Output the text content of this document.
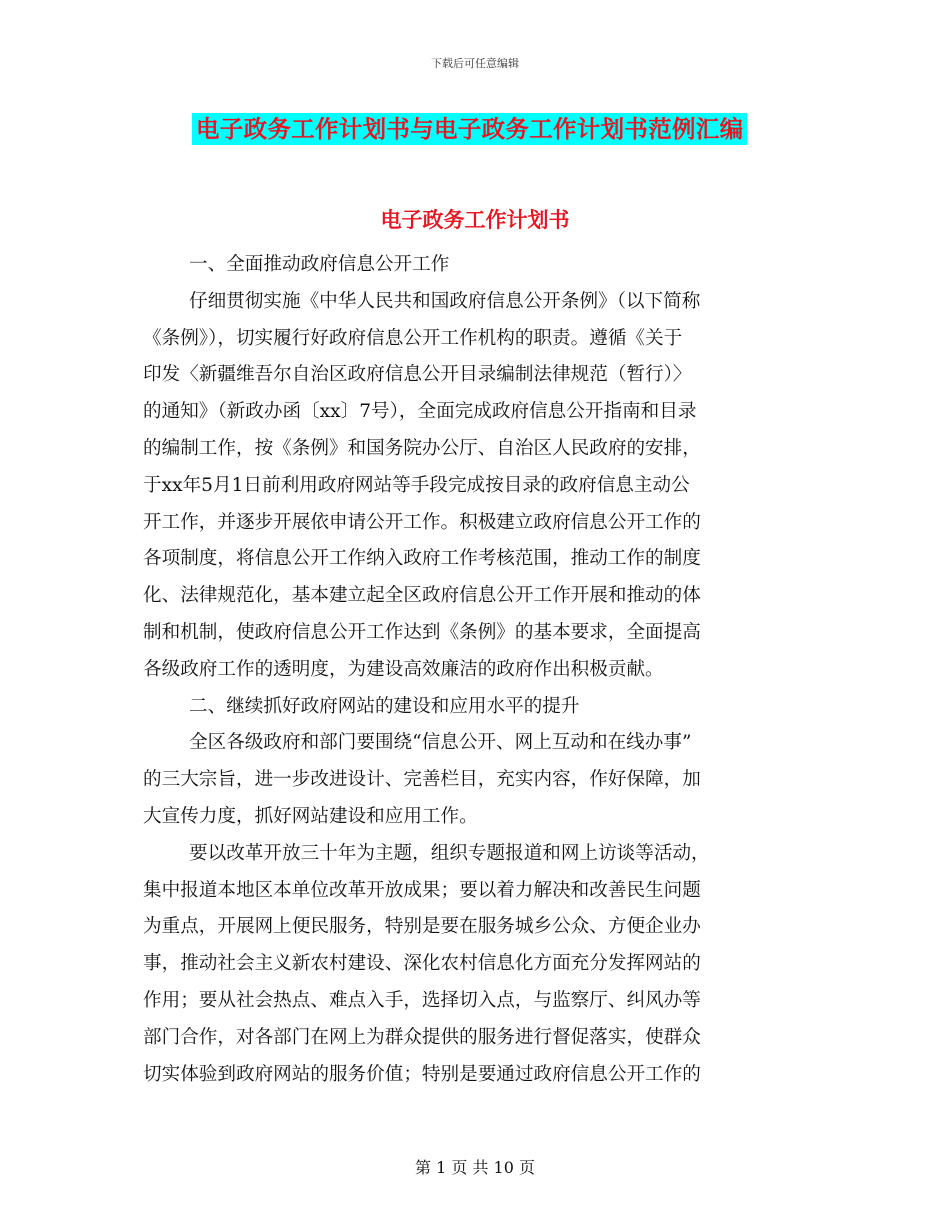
下载后可任意编辑
电子政务工作计划书与电子政务工作计划书范例汇编
电子政务工作计划书
一、全面推动政府信息公开工作
仔细贯彻实施《中华人民共和国政府信息公开条例》（以下简称
《条例》），切实履行好政府信息公开工作机构的职责。遵循《关于
印发〈新疆维吾尔自治区政府信息公开目录编制法律规范（暂行）〉
的通知》（新政办函〔xx〕7号），全面完成政府信息公开指南和目录
的编制工作，按《条例》和国务院办公厅、自治区人民政府的安排，
于xx年5月1日前利用政府网站等手段完成按目录的政府信息主动公
开工作，并逐步开展依申请公开工作。积极建立政府信息公开工作的
各项制度，将信息公开工作纳入政府工作考核范围，推动工作的制度
化、法律规范化，基本建立起全区政府信息公开工作开展和推动的体
制和机制，使政府信息公开工作达到《条例》的基本要求，全面提高
各级政府工作的透明度，为建设高效廉洁的政府作出积极贡献。
二、继续抓好政府网站的建设和应用水平的提升
全区各级政府和部门要围绕“信息公开、网上互动和在线办事”
的三大宗旨，进一步改进设计、完善栏目，充实内容，作好保障，加
大宣传力度，抓好网站建设和应用工作。
要以改革开放三十年为主题，组织专题报道和网上访谈等活动，
集中报道本地区本单位改革开放成果；要以着力解决和改善民生问题
为重点，开展网上便民服务，特别是要在服务城乡公众、方便企业办
事，推动社会主义新农村建设、深化农村信息化方面充分发挥网站的
作用；要从社会热点、难点入手，选择切入点，与监察厅、纠风办等
部门合作，对各部门在网上为群众提供的服务进行督促落实，使群众
切实体验到政府网站的服务价值；特别是要通过政府信息公开工作的
第 1 页 共 10 页
